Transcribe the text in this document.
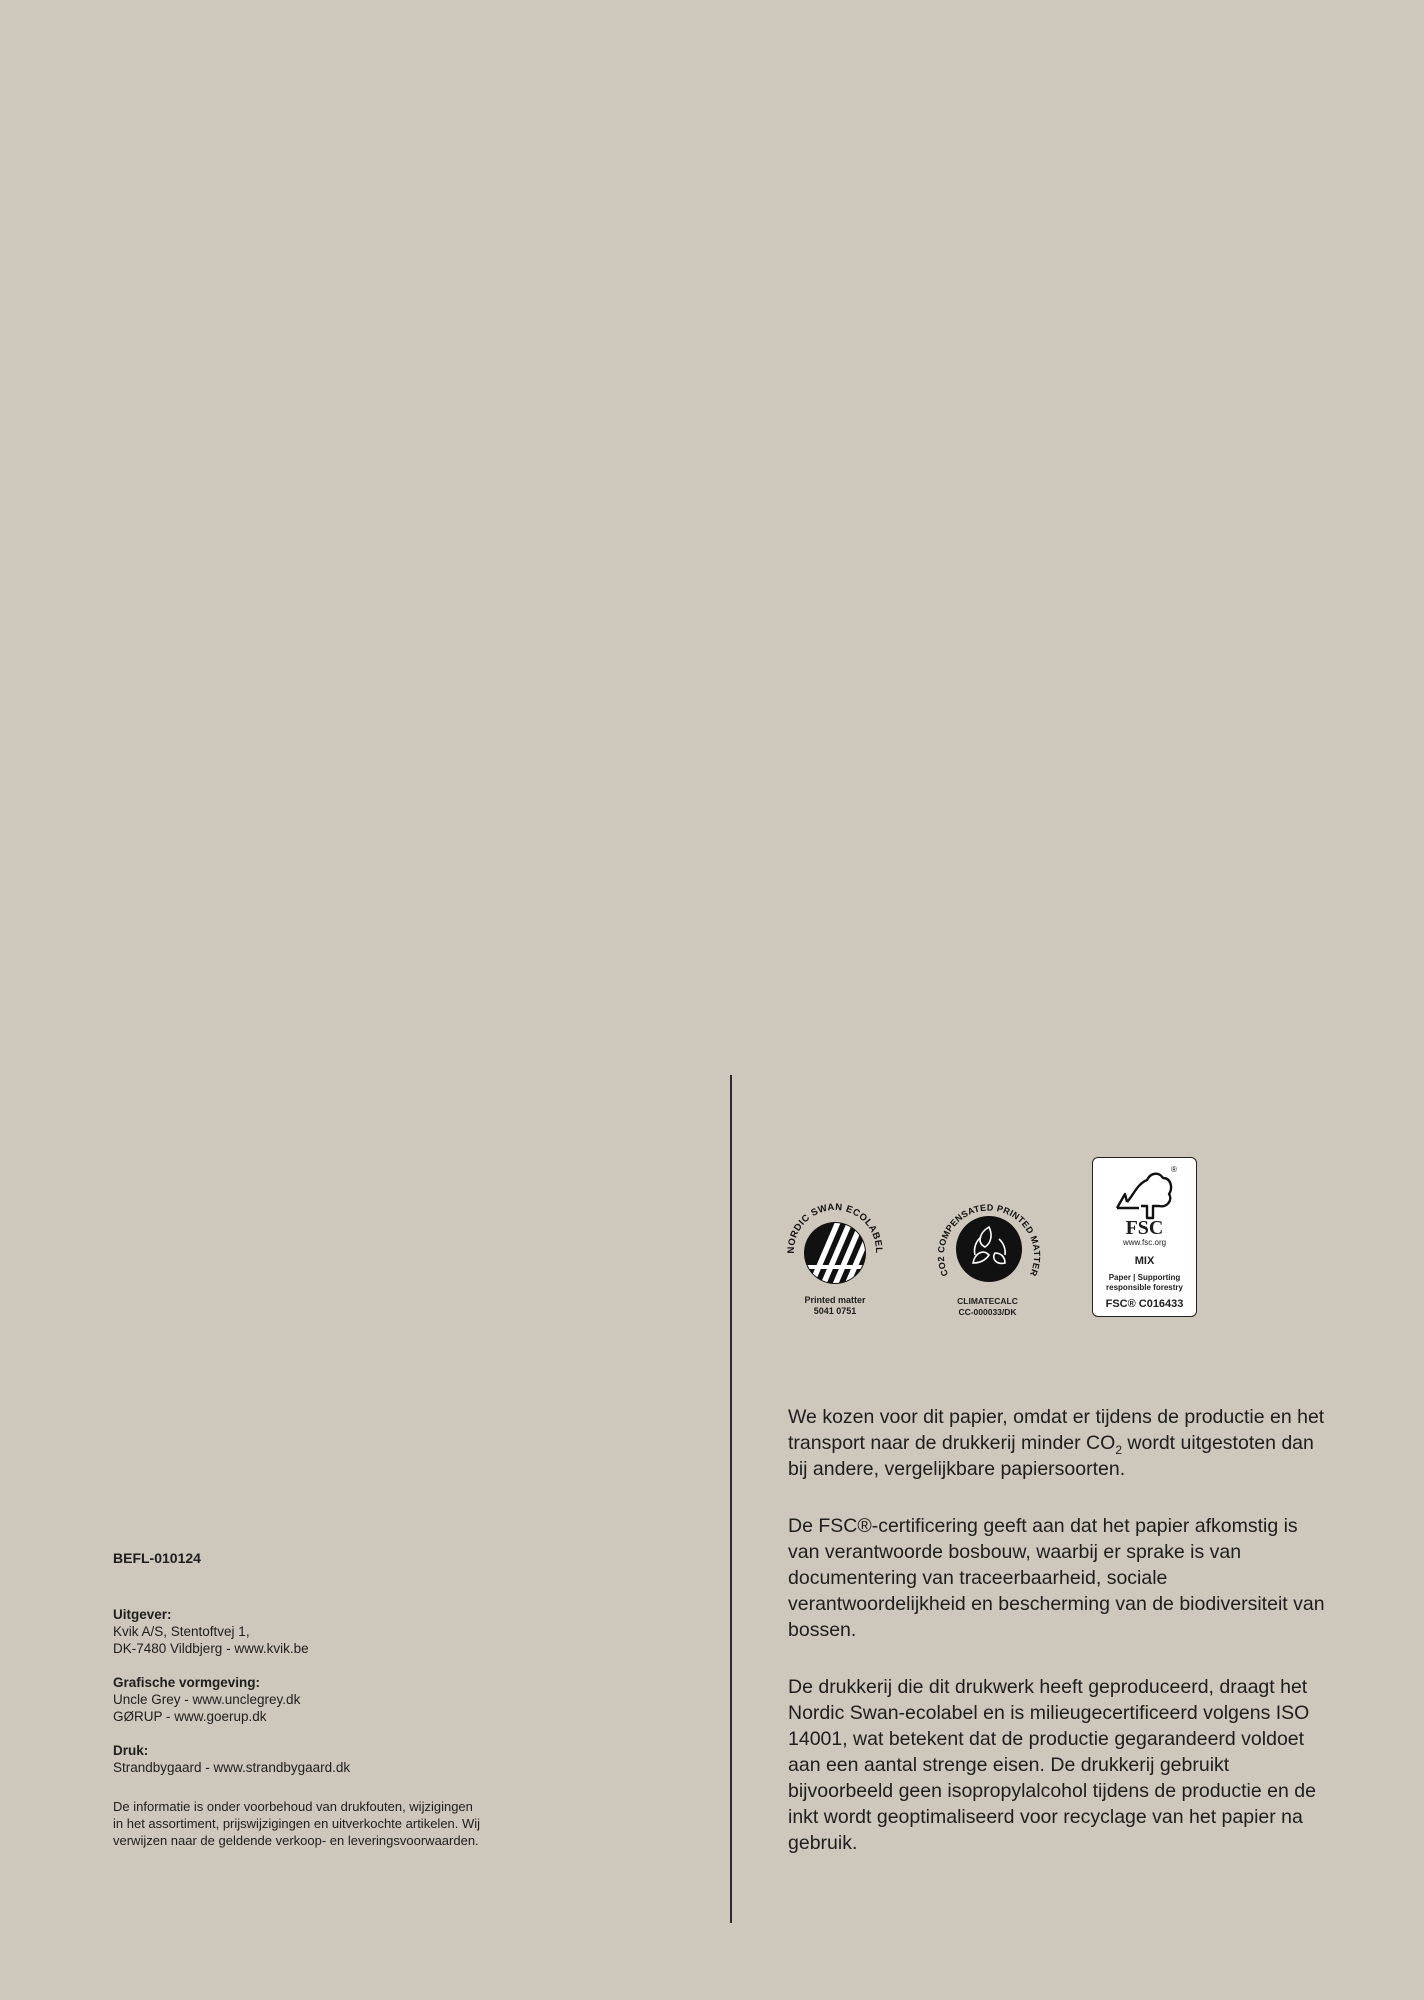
BEFL-010124
Uitgever:

Kvik A/S, Stentoftvej 1,

DK-7480 Vildbjerg - www.kvik.be

Grafische vormgeving:

Uncle Grey - www.unclegrey.dk

GØRUP - www.goerup.dk

Druk:

Strandbygaard - www.strandbygaard.dk

De informatie is onder voorbehoud van drukfouten, wijzigingen
in het assortiment, prijswijzigingen en uitverkochte artikelen. Wij
verwijzen naar de geldende verkoop- en leveringsvoorwaarden.
NORDIC SWAN ECOLABEL
Printed matter
5041 0751
CO2 COMPENSATED PRINTED MATTER
CLIMATECALC
CC-000033/DK
®
FSC
www.fsc.org
MIX
Paper | Supporting
responsible forestry
FSC® C016433

We kozen voor dit papier, omdat er tijdens de productie en het transport naar de drukkerij minder $CO_2$ wordt uitgestoten dan bij andere, vergelijkbare papiersoorten.

De FSC®-certificering geeft aan dat het papier afkomstig is van verantwoorde bosbouw, waarbij er sprake is van documentering van traceerbaarheid, sociale verantwoordelijkheid en bescherming van de biodiversiteit van bossen.

De drukkerij die dit drukwerk heeft geproduceerd, draagt het Nordic Swan-ecolabel en is milieugecertificeerd volgens ISO 14001, wat betekent dat de productie gegarandeerd voldoet aan een aantal strenge eisen. De drukkerij gebruikt bijvoorbeeld geen isopropylalcohol tijdens de productie en de inkt wordt geoptimaliseerd voor recyclage van het papier na gebruik.
